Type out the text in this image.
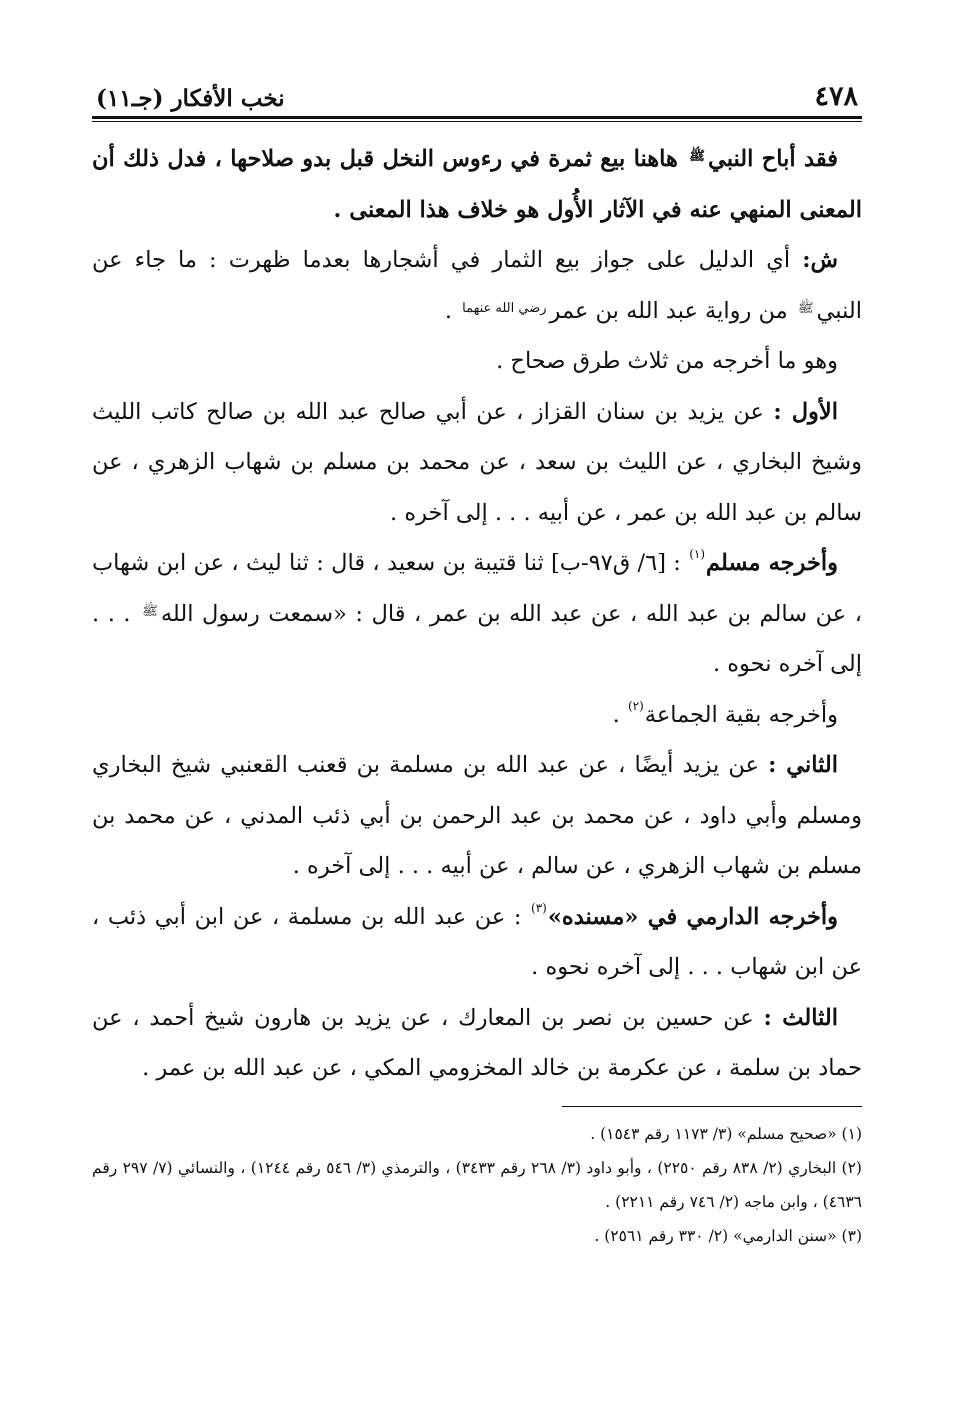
٤٧٨
نخب الأفكار (جـ١١)

فقد أباح النبي$^ﷺ$ هاهنا بيع ثمرة في رءوس النخل قبل بدو صلاحها ، فدل ذلك أن المعنى المنهي عنه في الآثار الأُول هو خلاف هذا المعنى .

ش: أي الدليل على جواز بيع الثمار في أشجارها بعدما ظهرت : ما جاء عن النبي$^ﷺ$ من رواية عبد الله بن عمر$^{رضي الله عنهما}$ .

وهو ما أخرجه من ثلاث طرق صحاح .

الأول : عن يزيد بن سنان القزاز ، عن أبي صالح عبد الله بن صالح كاتب الليث وشيخ البخاري ، عن الليث بن سعد ، عن محمد بن مسلم بن شهاب الزهري ، عن سالم بن عبد الله بن عمر ، عن أبيه . . . إلى آخره .

وأخرجه مسلم$^{(١)}$ : [٦/ ق٩٧-ب] ثنا قتيبة بن سعيد ، قال : ثنا ليث ، عن ابن شهاب ، عن سالم بن عبد الله ، عن عبد الله بن عمر ، قال : «سمعت رسول الله$^ﷺ$ . . . إلى آخره نحوه .

وأخرجه بقية الجماعة$^{(٢)}$ .

الثاني : عن يزيد أيضًا ، عن عبد الله بن مسلمة بن قعنب القعنبي شيخ البخاري ومسلم وأبي داود ، عن محمد بن عبد الرحمن بن أبي ذئب المدني ، عن محمد بن مسلم بن شهاب الزهري ، عن سالم ، عن أبيه . . . إلى آخره .

وأخرجه الدارمي في «مسنده»$^{(٣)}$ : عن عبد الله بن مسلمة ، عن ابن أبي ذئب ، عن ابن شهاب . . . إلى آخره نحوه .

الثالث : عن حسين بن نصر بن المعارك ، عن يزيد بن هارون شيخ أحمد ، عن حماد بن سلمة ، عن عكرمة بن خالد المخزومي المكي ، عن عبد الله بن عمر .

(١) «صحيح مسلم» (٣/ ١١٧٣ رقم ١٥٤٣) .

(٢) البخاري (٢/ ٨٣٨ رقم ٢٢٥٠) ، وأبو داود (٣/ ٢٦٨ رقم ٣٤٣٣) ، والترمذي (٣/ ٥٤٦ رقم ١٢٤٤) ، والنسائي (٧/ ٢٩٧ رقم ٤٦٣٦) ، وابن ماجه (٢/ ٧٤٦ رقم ٢٢١١) .

(٣) «سنن الدارمي» (٢/ ٣٣٠ رقم ٢٥٦١) .
